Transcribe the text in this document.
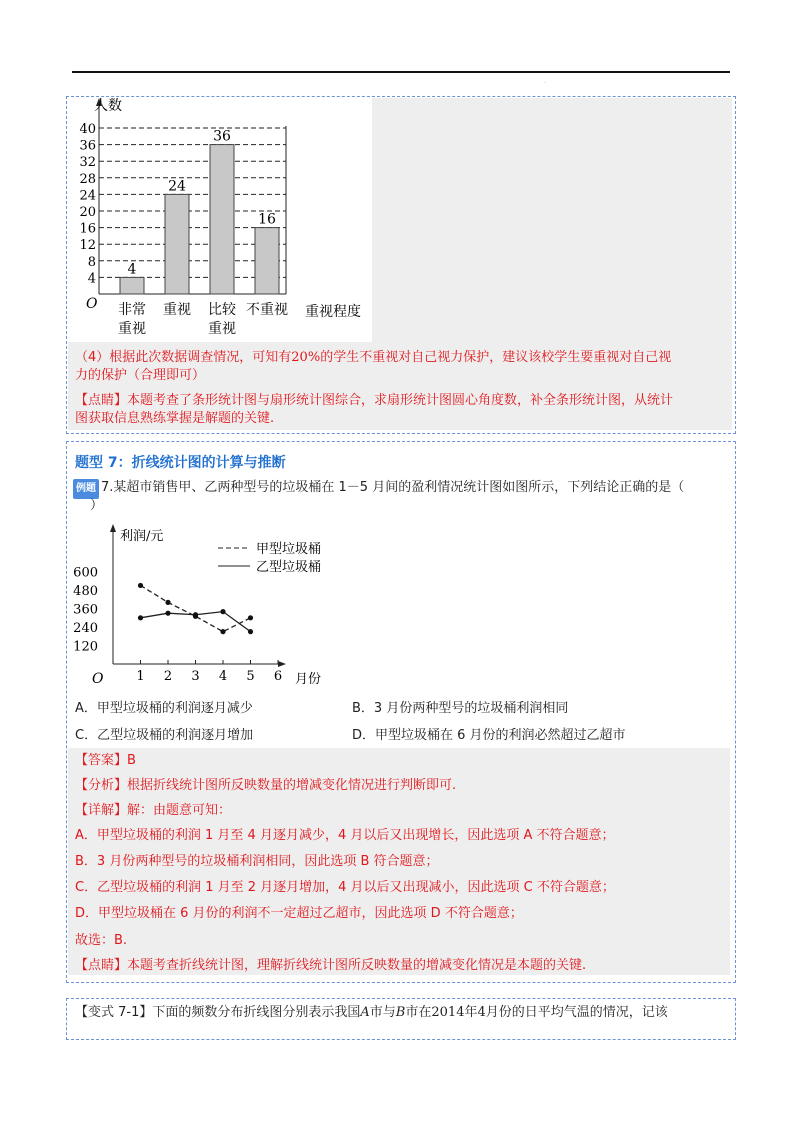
.
人数
O
4
8
12
16
20
24
28
32
36
40
4
24
36
16
非常
重视
重视 比较
重视
不重视 重视程度
（4）根据此次数据调查情况，可知有20%的学生不重视对自己视力保护，建议该校学生要重视对自己视
力的保护（合理即可）
【点睛】本题考查了条形统计图与扇形统计图综合，求扇形统计图圆心角度数，补全条形统计图，从统计
图获取信息熟练掌握是解题的关键.
题型 7：折线统计图的计算与推断
例题 7.某超市销售甲、乙两种型号的垃圾桶在 1－5 月间的盈利情况统计图如图所示，下列结论正确的是（
）
利润/元
O
120
240
360
480
600
1 2 3 4 5 6 月份
甲型垃圾桶
乙型垃圾桶
A．甲型垃圾桶的利润逐月减少	B．3 月份两种型号的垃圾桶利润相同
C．乙型垃圾桶的利润逐月增加	D．甲型垃圾桶在 6 月份的利润必然超过乙超市
【答案】B
【分析】根据折线统计图所反映数量的增减变化情况进行判断即可.
【详解】解：由题意可知：
A．甲型垃圾桶的利润 1 月至 4 月逐月减少，4 月以后又出现增长，因此选项 A 不符合题意；
B．3 月份两种型号的垃圾桶利润相同，因此选项 B 符合题意；
C．乙型垃圾桶的利润 1 月至 2 月逐月增加，4 月以后又出现减小，因此选项 C 不符合题意；
D．甲型垃圾桶在 6 月份的利润不一定超过乙超市，因此选项 D 不符合题意；
故选：B.
【点睛】本题考查折线统计图，理解折线统计图所反映数量的增减变化情况是本题的关键.
【变式 7-1】下面的频数分布折线图分别表示我国A市与B市在2014年4月份的日平均气温的情况，记该
